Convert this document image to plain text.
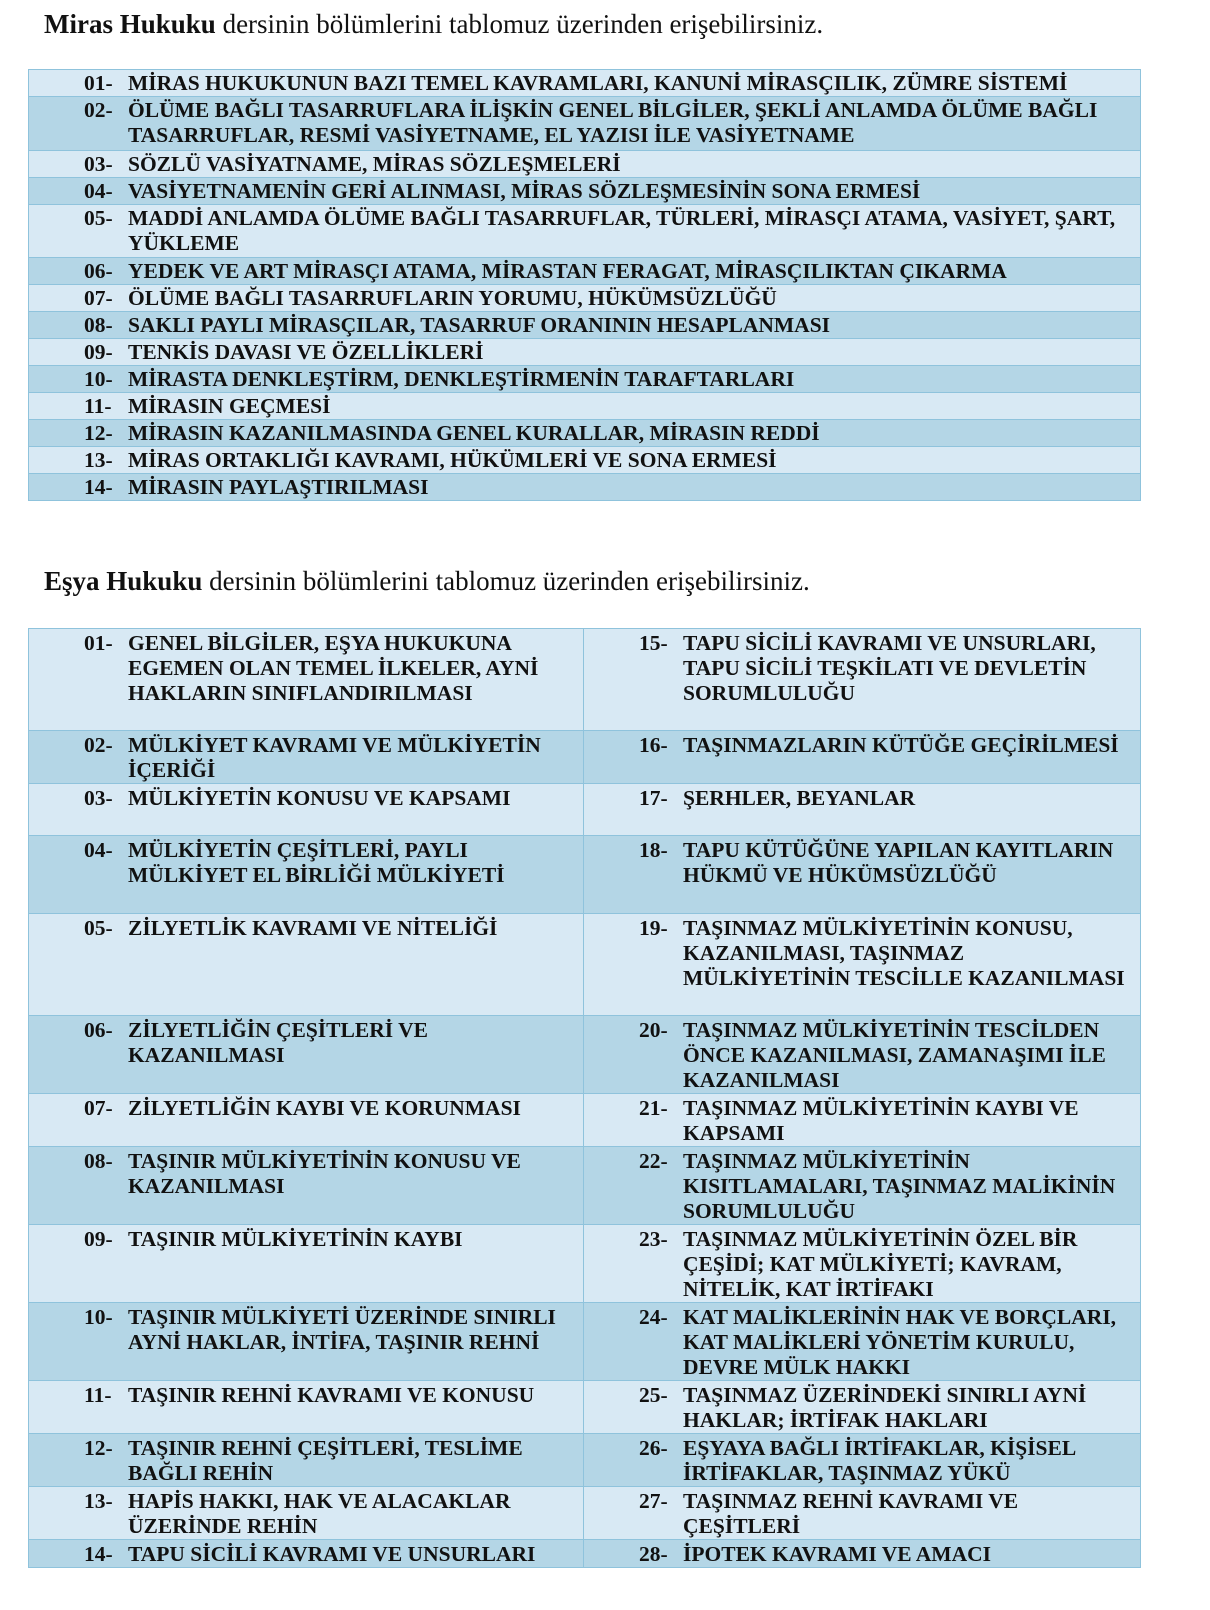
Miras Hukuku dersinin bölümlerini tablomuz üzerinden erişebilirsiniz.
01- MİRAS HUKUKUNUN BAZI TEMEL KAVRAMLARI, KANUNİ MİRASÇILIK, ZÜMRE SİSTEMİ

02- ÖLÜME BAĞLI TASARRUFLARA İLİŞKİN GENEL BİLGİLER, ŞEKLİ ANLAMDA ÖLÜME BAĞLI TASARRUFLAR, RESMİ VASİYETNAME, EL YAZISI İLE VASİYETNAME

03- SÖZLÜ VASİYATNAME, MİRAS SÖZLEŞMELERİ

04- VASİYETNAMENİN GERİ ALINMASI, MİRAS SÖZLEŞMESİNİN SONA ERMESİ

05- MADDİ ANLAMDA ÖLÜME BAĞLI TASARRUFLAR, TÜRLERİ, MİRASÇI ATAMA, VASİYET, ŞART, YÜKLEME

06- YEDEK VE ART MİRASÇI ATAMA, MİRASTAN FERAGAT, MİRASÇILIKTAN ÇIKARMA

07- ÖLÜME BAĞLI TASARRUFLARIN YORUMU, HÜKÜMSÜZLÜĞÜ

08- SAKLI PAYLI MİRASÇILAR, TASARRUF ORANININ HESAPLANMASI

09- TENKİS DAVASI VE ÖZELLİKLERİ

10- MİRASTA DENKLEŞTİRM, DENKLEŞTİRMENİN TARAFTARLARI

11- MİRASIN GEÇMESİ

12- MİRASIN KAZANILMASINDA GENEL KURALLAR, MİRASIN REDDİ

13- MİRAS ORTAKLIĞI KAVRAMI, HÜKÜMLERİ VE SONA ERMESİ

14- MİRASIN PAYLAŞTIRILMASI
Eşya Hukuku dersinin bölümlerini tablomuz üzerinden erişebilirsiniz.
01- GENEL BİLGİLER, EŞYA HUKUKUNA EGEMEN OLAN TEMEL İLKELER, AYNİ HAKLARIN SINIFLANDIRILMASI	15- TAPU SİCİLİ KAVRAMI VE UNSURLARI, TAPU SİCİLİ TEŞKİLATI VE DEVLETİN SORUMLULUĞU

02- MÜLKİYET KAVRAMI VE MÜLKİYETİN İÇERİĞİ	16- TAŞINMAZLARIN KÜTÜĞE GEÇİRİLMESİ

03- MÜLKİYETİN KONUSU VE KAPSAMI	17- ŞERHLER, BEYANLAR

04- MÜLKİYETİN ÇEŞİTLERİ, PAYLI MÜLKİYET EL BİRLİĞİ MÜLKİYETİ	18- TAPU KÜTÜĞÜNE YAPILAN KAYITLARIN HÜKMÜ VE HÜKÜMSÜZLÜĞÜ

05- ZİLYETLİK KAVRAMI VE NİTELİĞİ	19- TAŞINMAZ MÜLKİYETİNİN KONUSU, KAZANILMASI, TAŞINMAZ MÜLKİYETİNİN TESCİLLE KAZANILMASI

06- ZİLYETLİĞİN ÇEŞİTLERİ VE KAZANILMASI	20- TAŞINMAZ MÜLKİYETİNİN TESCİLDEN ÖNCE KAZANILMASI, ZAMANAŞIMI İLE KAZANILMASI

07- ZİLYETLİĞİN KAYBI VE KORUNMASI	21- TAŞINMAZ MÜLKİYETİNİN KAYBI VE KAPSAMI

08- TAŞINIR MÜLKİYETİNİN KONUSU VE KAZANILMASI	22- TAŞINMAZ MÜLKİYETİNİN KISITLAMALARI, TAŞINMAZ MALİKİNİN SORUMLULUĞU

09- TAŞINIR MÜLKİYETİNİN KAYBI	23- TAŞINMAZ MÜLKİYETİNİN ÖZEL BİR ÇEŞİDİ; KAT MÜLKİYETİ; KAVRAM, NİTELİK, KAT İRTİFAKI

10- TAŞINIR MÜLKİYETİ ÜZERİNDE SINIRLI AYNİ HAKLAR, İNTİFA, TAŞINIR REHNİ	24- KAT MALİKLERİNİN HAK VE BORÇLARI, KAT MALİKLERİ YÖNETİM KURULU, DEVRE MÜLK HAKKI

11- TAŞINIR REHNİ KAVRAMI VE KONUSU	25- TAŞINMAZ ÜZERİNDEKİ SINIRLI AYNİ HAKLAR; İRTİFAK HAKLARI

12- TAŞINIR REHNİ ÇEŞİTLERİ, TESLİME BAĞLI REHİN	26- EŞYAYA BAĞLI İRTİFAKLAR, KİŞİSEL İRTİFAKLAR, TAŞINMAZ YÜKÜ

13- HAPİS HAKKI, HAK VE ALACAKLAR ÜZERİNDE REHİN	27- TAŞINMAZ REHNİ KAVRAMI VE ÇEŞİTLERİ

14- TAPU SİCİLİ KAVRAMI VE UNSURLARI	28- İPOTEK KAVRAMI VE AMACI
